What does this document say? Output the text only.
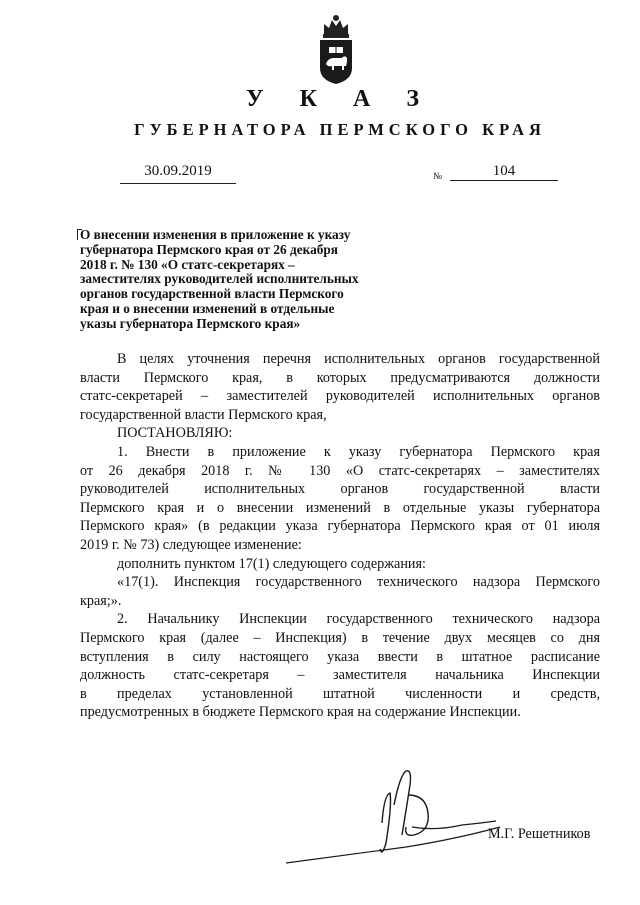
У К А З
ГУБЕРНАТОРА ПЕРМСКОГО КРАЯ
30.09.2019	№	104
О внесении изменения в приложение к указу
губернатора Пермского края от 26 декабря
2018 г. № 130 «О статс-секретарях –
заместителях руководителей исполнительных
органов государственной власти Пермского
края и о внесении изменений в отдельные
указы губернатора Пермского края»

В целях уточнения перечня исполнительных органов государственной

власти Пермского края, в которых предусматриваются должности

статс-секретарей – заместителей руководителей исполнительных органов

государственной власти Пермского края,

ПОСТАНОВЛЯЮ:

1. Внести в приложение к указу губернатора Пермского края

от 26 декабря 2018 г. № 130 «О статс-секретарях – заместителях

руководителей исполнительных органов государственной власти

Пермского края и о внесении изменений в отдельные указы губернатора

Пермского края» (в редакции указа губернатора Пермского края от 01 июля

2019 г. № 73) следующее изменение:

дополнить пунктом 17(1) следующего содержания:

«17(1). Инспекция государственного технического надзора Пермского

края;».

2. Начальнику Инспекции государственного технического надзора

Пермского края (далее – Инспекция) в течение двух месяцев со дня

вступления в силу настоящего указа ввести в штатное расписание

должность статс-секретаря – заместителя начальника Инспекции

в пределах установленной штатной численности и средств,

предусмотренных в бюджете Пермского края на содержание Инспекции.

М.Г. Решетников
